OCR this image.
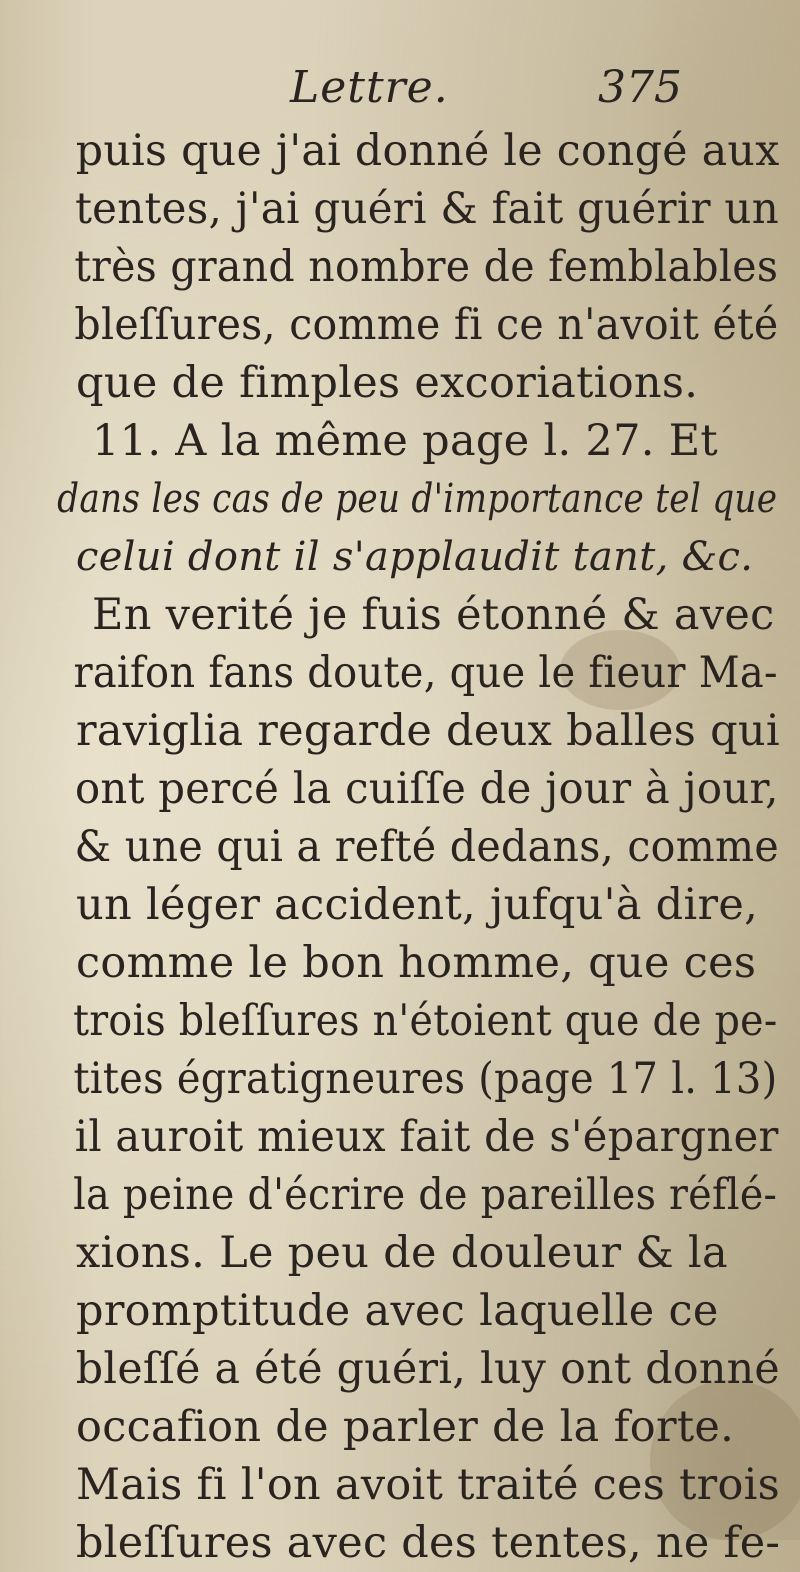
Lettre.	375
puis que j'ai donné le congé aux
tentes, j'ai guéri & fait guérir un
très grand nombre de femblables
bleſſures, comme fi ce n'avoit été
que de fimples excoriations.
11. A la même page l. 27. Et
dans les cas de peu d'importance tel que
celui dont il s'applaudit tant, &c.
En verité je fuis étonné & avec
raifon fans doute, que le fieur Ma-
raviglia regarde deux balles qui
ont percé la cuiſſe de jour à jour,
& une qui a refté dedans, comme
un léger accident, jufqu'à dire,
comme le bon homme, que ces
trois bleſſures n'étoient que de pe-
tites égratigneures (page 17 l. 13)
il auroit mieux fait de s'épargner
la peine d'écrire de pareilles réflé-
xions. Le peu de douleur & la
promptitude avec laquelle ce
bleſſé a été guéri, luy ont donné
occafion de parler de la forte.
Mais fi l'on avoit traité ces trois
bleſſures avec des tentes, ne fe-
